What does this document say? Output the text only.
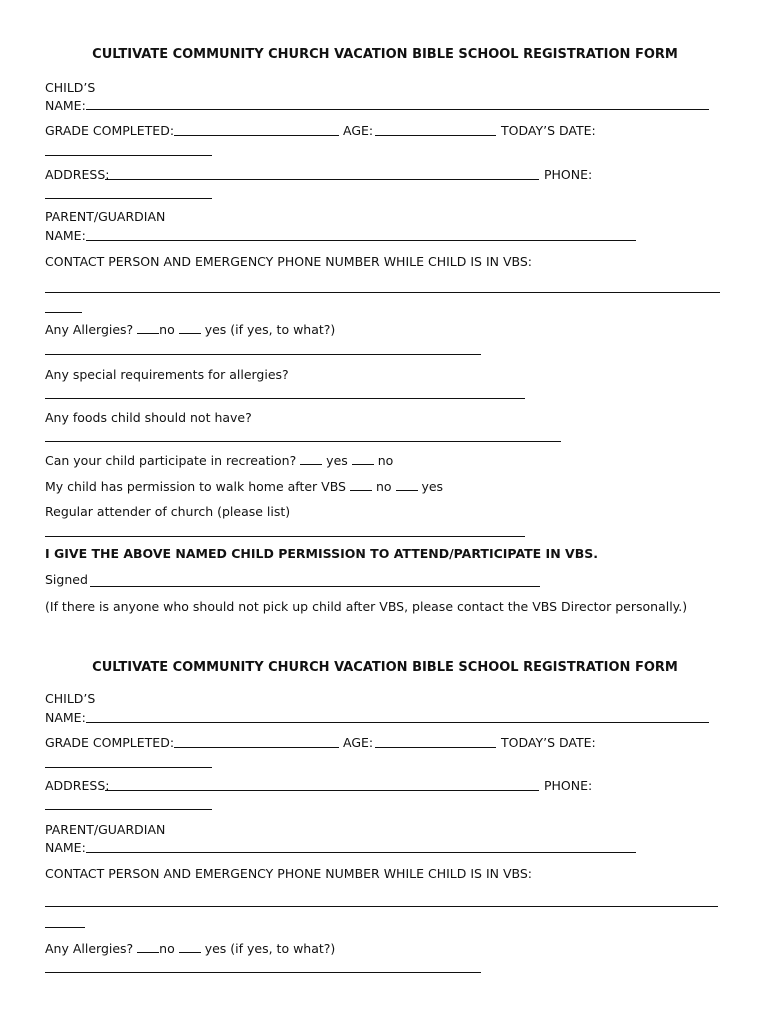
CULTIVATE COMMUNITY CHURCH VACATION BIBLE SCHOOL REGISTRATION FORM
CHILD’S
NAME:
GRADE COMPLETED:	AGE:	TODAY’S DATE:
ADDRESS:	PHONE:
PARENT/GUARDIAN
NAME:
CONTACT PERSON AND EMERGENCY PHONE NUMBER WHILE CHILD IS IN VBS:
Any Allergies? no  yes (if yes, to what?)
Any special requirements for allergies?
Any foods child should not have?
Can your child participate in recreation?  yes  no
My child has permission to walk home after VBS  no  yes
Regular attender of church (please list)
I GIVE THE ABOVE NAMED CHILD PERMISSION TO ATTEND/PARTICIPATE IN VBS.
Signed
(If there is anyone who should not pick up child after VBS, please contact the VBS Director personally.)
CULTIVATE COMMUNITY CHURCH VACATION BIBLE SCHOOL REGISTRATION FORM
CHILD’S
NAME:
GRADE COMPLETED:	AGE:	TODAY’S DATE:
ADDRESS:	PHONE:
PARENT/GUARDIAN
NAME:
CONTACT PERSON AND EMERGENCY PHONE NUMBER WHILE CHILD IS IN VBS:
Any Allergies? no  yes (if yes, to what?)
